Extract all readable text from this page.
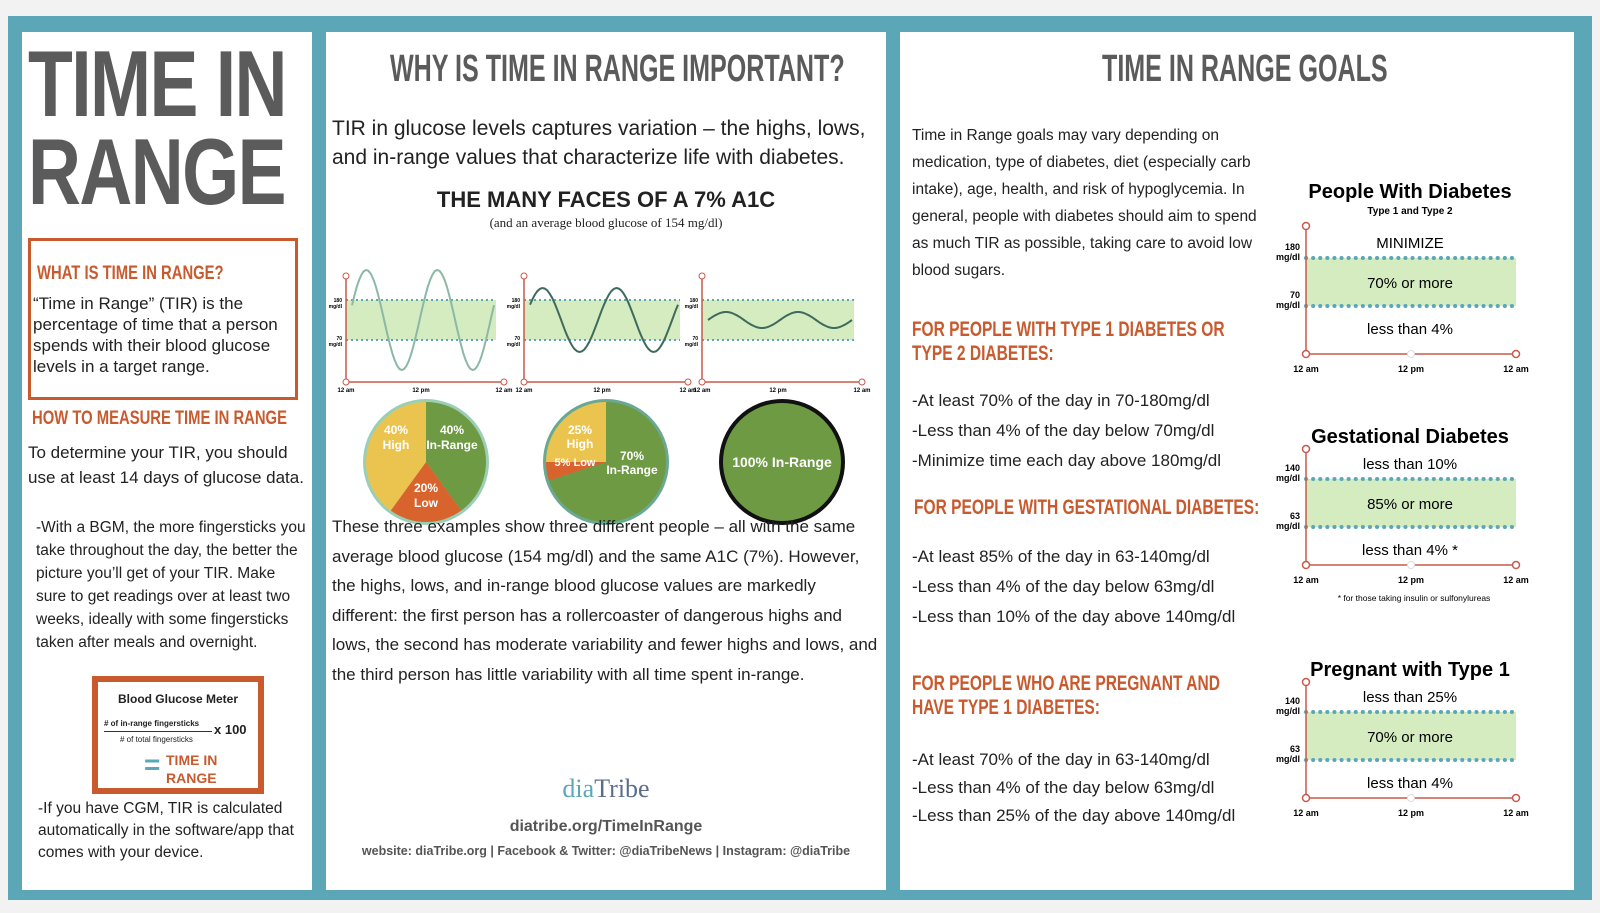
TIME IN
RANGE
WHAT IS TIME IN RANGE?
“Time in Range” (TIR) is the percentage of time that a person spends with their blood glucose levels in a target range.
HOW TO MEASURE TIME IN RANGE
To determine your TIR, you should use at least 14 days of glucose data.
-With a BGM, the more fingersticks you take throughout the day, the better the picture you’ll get of your TIR. Make sure to get readings over at least two weeks, ideally with some fingersticks taken after meals and overnight.
Blood Glucose Meter
# of in-range fingersticks
# of total fingersticks
x 100
= TIME IN
RANGE
-If you have CGM, TIR is calculated automatically in the software/app that comes with your device.
WHY IS TIME IN RANGE IMPORTANT?
TIR in glucose levels captures variation – the highs, lows, and in-range values that characterize life with diabetes.
THE MANY FACES OF A 7% A1C
(and an average blood glucose of 154 mg/dl)
180
mg/dl
70
mg/dl
12 am	12 pm	12 am
180
mg/dl
70
mg/dl
12 am	12 pm	12 am
180
mg/dl
70
mg/dl
12 am	12 pm	12 am
40%
High
40%
In-Range
20%
Low
25%
High
5% Low 70%
In-Range	100% In-Range
These three examples show three different people – all with the same average blood glucose (154 mg/dl) and the same A1C (7%). However, the highs, lows, and in-range blood glucose values are markedly different: the first person has a rollercoaster of dangerous highs and lows, the second has moderate variability and fewer highs and lows, and the third person has little variability with all time spent in-range.
diaTribe
diatribe.org/TimeInRange
website: diaTribe.org | Facebook & Twitter: @diaTribeNews | Instagram: @diaTribe
TIME IN RANGE GOALS
Time in Range goals may vary depending on medication, type of diabetes, diet (especially carb intake), age, health, and risk of hypoglycemia. In general, people with diabetes should aim to spend as much TIR as possible, taking care to avoid low blood sugars.
FOR PEOPLE WITH TYPE 1 DIABETES OR TYPE 2 DIABETES:
-At least 70% of the day in 70-180mg/dl
-Less than 4% of the day below 70mg/dl
-Minimize time each day above 180mg/dl
FOR PEOPLE WITH GESTATIONAL DIABETES:
-At least 85% of the day in 63-140mg/dl
-Less than 4% of the day below 63mg/dl
-Less than 10% of the day above 140mg/dl
FOR PEOPLE WHO ARE PREGNANT AND HAVE TYPE 1 DIABETES:
-At least 70% of the day in 63-140mg/dl
-Less than 4% of the day below 63mg/dl
-Less than 25% of the day above 140mg/dl
People With Diabetes
Type 1 and Type 2
180
mg/dl
70
mg/dl
MINIMIZE
70% or more
less than 4%
12 am	12 pm	12 am
Gestational Diabetes
140
mg/dl
63
mg/dl
less than 10%
85% or more
less than 4% *
12 am	12 pm	12 am
* for those taking insulin or sulfonylureas
Pregnant with Type 1
140
mg/dl
63
mg/dl
less than 25%
70% or more
less than 4%
12 am	12 pm	12 am
